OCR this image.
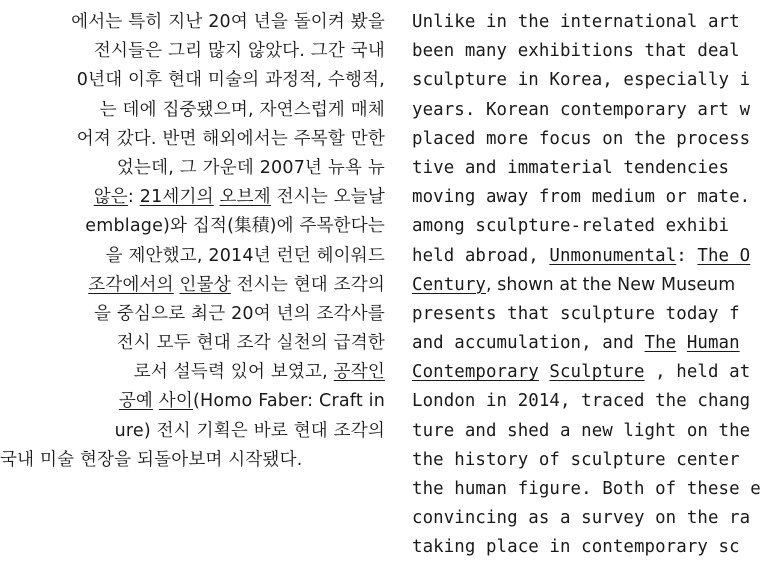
에서는 특히 지난 20여 년을 돌이켜 봤을
전시들은 그리 많지 않았다. 그간 국내
0년대 이후 현대 미술의 과정적, 수행적,
는 데에 집중됐으며, 자연스럽게 매체
어져 갔다. 반면 해외에서는 주목할 만한
었는데, 그 가운데 2007년 뉴욕 뉴
않은: 21세기의 오브제 전시는 오늘날
emblage)와 집적(集積)에 주목한다는
을 제안했고, 2014년 런던 헤이워드
조각에서의 인물상 전시는 현대 조각의
을 중심으로 최근 20여 년의 조각사를
전시 모두 현대 조각 실천의 급격한
로서 설득력 있어 보였고, 공작인
공예 사이(Homo Faber: Craft in
ure) 전시 기획은 바로 현대 조각의
국내 미술 현장을 되돌아보며 시작됐다.
Unlike in the international art
been many exhibitions that deal
sculpture in Korea, especially i
years. Korean contemporary art w
placed more focus on the process
tive and immaterial tendencies
moving away from medium or mate.
among sculpture-related exhibi
held abroad, Unmonumental: The O
Century, shown at the New Museum
presents that sculpture today f
and accumulation, and The Human
Contemporary Sculpture , held at
London in 2014, traced the chang
ture and shed a new light on the
the history of sculpture center
the human figure. Both of these e
convincing as a survey on the ra
taking place in contemporary sc
